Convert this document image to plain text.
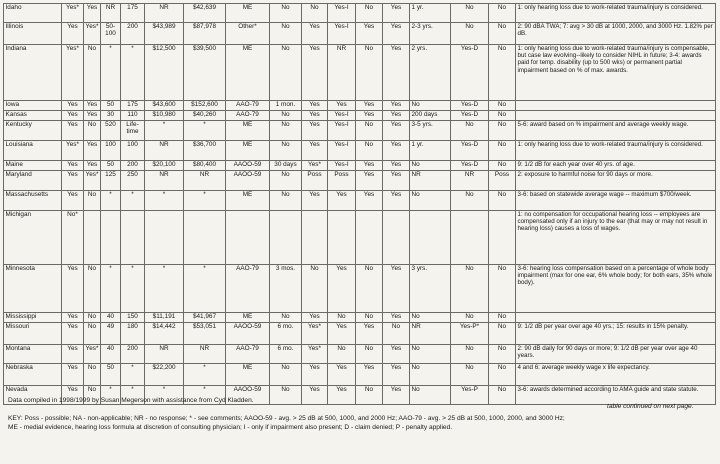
Idaho	Yes*	Yes	NR	175	NR	$42,639	ME	No	No	Yes-I	No	Yes	1 yr.	No	No	1: only hearing loss due to work-related trauma/injury is considered.
Illinois	Yes	Yes*	50-100	200	$43,989	$87,978	Other*	No	Yes	Yes-I	Yes	Yes	2-3 yrs.	No	No	2: 90 dBA TWA; 7: avg > 30 dB at 1000, 2000, and 3000 Hz. 1.82% per dB.
Indiana	Yes*	No	*	*	$12,500	$39,500	ME	No	Yes	NR	No	Yes	2 yrs.	Yes-D	No	1: only hearing loss due to work-related trauma/injury is compensable, but case law evolving--likely to consider NIHL in future; 3-4: awards paid for temp. disability (up to 500 wks) or permanent partial impairment based on % of max. awards.
Iowa	Yes	Yes	50	175	$43,600	$152,600	AAO-79	1 mon.	Yes	Yes	Yes	Yes	No	Yes-D	No	
Kansas	Yes	Yes	30	110	$10,980	$40,260	AAO-79	No	Yes	Yes-I	Yes	Yes	200 days	Yes-D	No	
Kentucky	Yes	No	520	Life-time	*	*	ME	No	Yes	Yes-I	No	Yes	3-5 yrs.	No	No	5-6: award based on % impairment and average weekly wage.
Louisiana	Yes*	Yes	100	100	NR	$36,700	ME	No	Yes	Yes-I	No	Yes	1 yr.	Yes-D	No	1: only hearing loss due to work-related trauma/injury is considered.
Maine	Yes	Yes	50	200	$20,100	$80,400	AAOO-59	30 days	Yes*	Yes-I	Yes	Yes	No	Yes-D	No	9: 1/2 dB for each year over 40 yrs. of age.
Maryland	Yes	Yes*	125	250	NR	NR	AAOO-59	No	Poss	Poss	Yes	Yes	NR	NR	Poss	2: exposure to harmful noise for 90 days or more.
Massachusetts	Yes	No	*	*	*	*	ME	No	Yes	Yes	Yes	Yes	No	No	No	3-6: based on statewide average wage -- maximum $700/week.
Michigan	No*															1: no compensation for occupational hearing loss -- employees are compensated only if an injury to the ear (that may or may not result in hearing loss) causes a loss of wages.
Minnesota	Yes	No	*	*	*	*	AAO-79	3 mos.	No	Yes	No	Yes	3 yrs.	No	No	3-6: hearing loss compensation based on a percentage of whole body impairment (max for one ear, 6% whole body; for both ears, 35% whole body).
Mississippi	Yes	No	40	150	$11,191	$41,967	ME	No	Yes	No	No	Yes	No	No	No	
Missouri	Yes	No	49	180	$14,442	$53,051	AAOO-59	6 mo.	Yes*	Yes	Yes	No	NR	Yes-P*	No	9: 1/2 dB per year over age 40 yrs.; 15: results in 15% penalty.
Montana	Yes	Yes*	40	200	NR	NR	AAO-79	6 mo.	Yes*	No	No	Yes	No	No	No	2: 90 dB daily for 90 days or more; 9: 1/2 dB per year over age 40 years.
Nebraska	Yes	No	50	*	$22,200	*	ME	No	Yes	Yes	Yes	Yes	No	No	No	4 and 6: average weekly wage x life expectancy.
Nevada	Yes	No	*	*	*	*	AAOO-59	No	Yes	Yes	No	Yes	No	Yes-P	No	3-6: awards determined according to AMA guide and state statute.
Data compiled in 1998/1999 by Susan Megerson with assistance from Cyd Kladden.
table continued on next page.
KEY: Poss - possible; NA - non-applicable; NR - no response; * - see comments; AAOO-59 - avg. > 25 dB at 500, 1000, and 2000 Hz; AAO-79 - avg. > 25 dB at 500, 1000, 2000, and 3000 Hz;
ME - medial evidence, hearing loss formula at discretion of consulting physician; I - only if impairment also present; D - claim denied; P - penalty applied.
